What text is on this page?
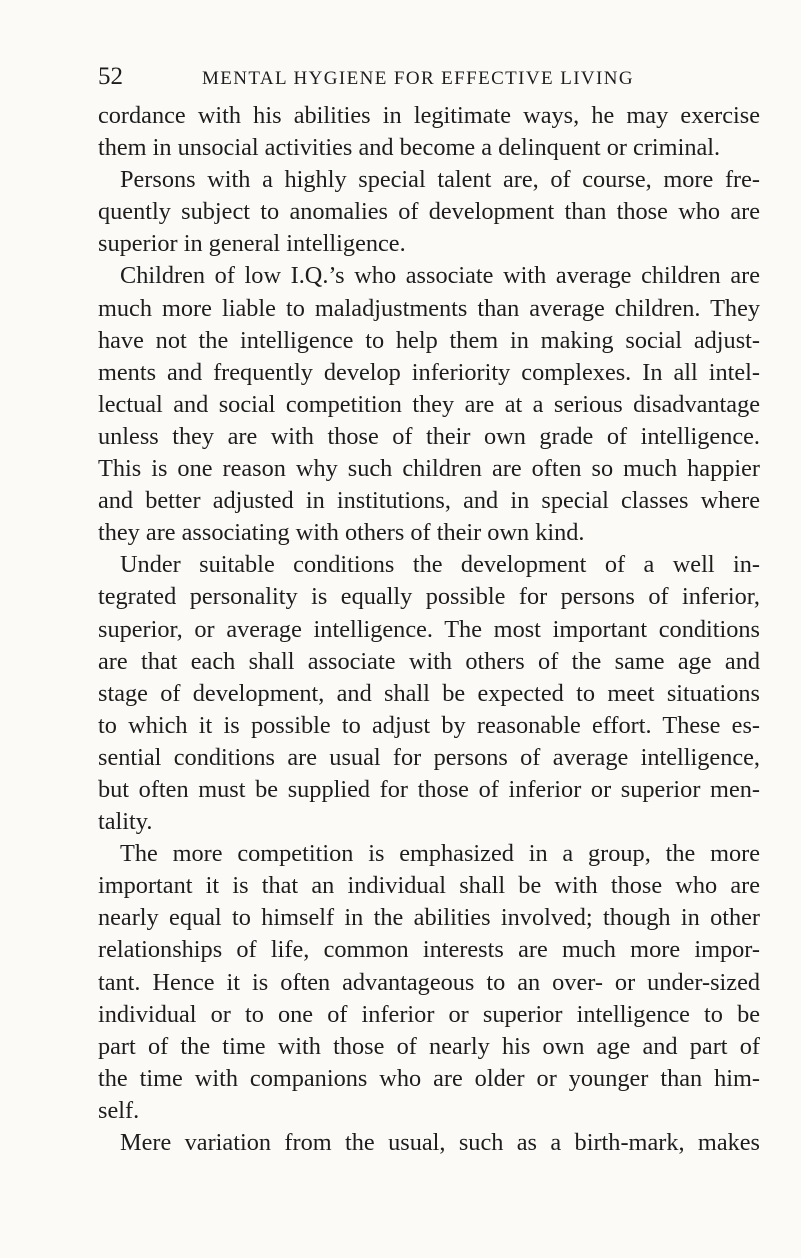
52	MENTAL HYGIENE FOR EFFECTIVE LIVING
cordance with his abilities in legitimate ways, he may exercise
them in unsocial activities and become a delinquent or criminal.
Persons with a highly special talent are, of course, more fre-
quently subject to anomalies of development than those who are
superior in general intelligence.
Children of low I.Q.’s who associate with average children are
much more liable to maladjustments than average children. They
have not the intelligence to help them in making social adjust-
ments and frequently develop inferiority complexes. In all intel-
lectual and social competition they are at a serious disadvantage
unless they are with those of their own grade of intelligence.
This is one reason why such children are often so much happier
and better adjusted in institutions, and in special classes where
they are associating with others of their own kind.
Under suitable conditions the development of a well in-
tegrated personality is equally possible for persons of inferior,
superior, or average intelligence. The most important conditions
are that each shall associate with others of the same age and
stage of development, and shall be expected to meet situations
to which it is possible to adjust by reasonable effort. These es-
sential conditions are usual for persons of average intelligence,
but often must be supplied for those of inferior or superior men-
tality.
The more competition is emphasized in a group, the more
important it is that an individual shall be with those who are
nearly equal to himself in the abilities involved; though in other
relationships of life, common interests are much more impor-
tant. Hence it is often advantageous to an over- or under-sized
individual or to one of inferior or superior intelligence to be
part of the time with those of nearly his own age and part of
the time with companions who are older or younger than him-
self.
Mere variation from the usual, such as a birth-mark, makes
